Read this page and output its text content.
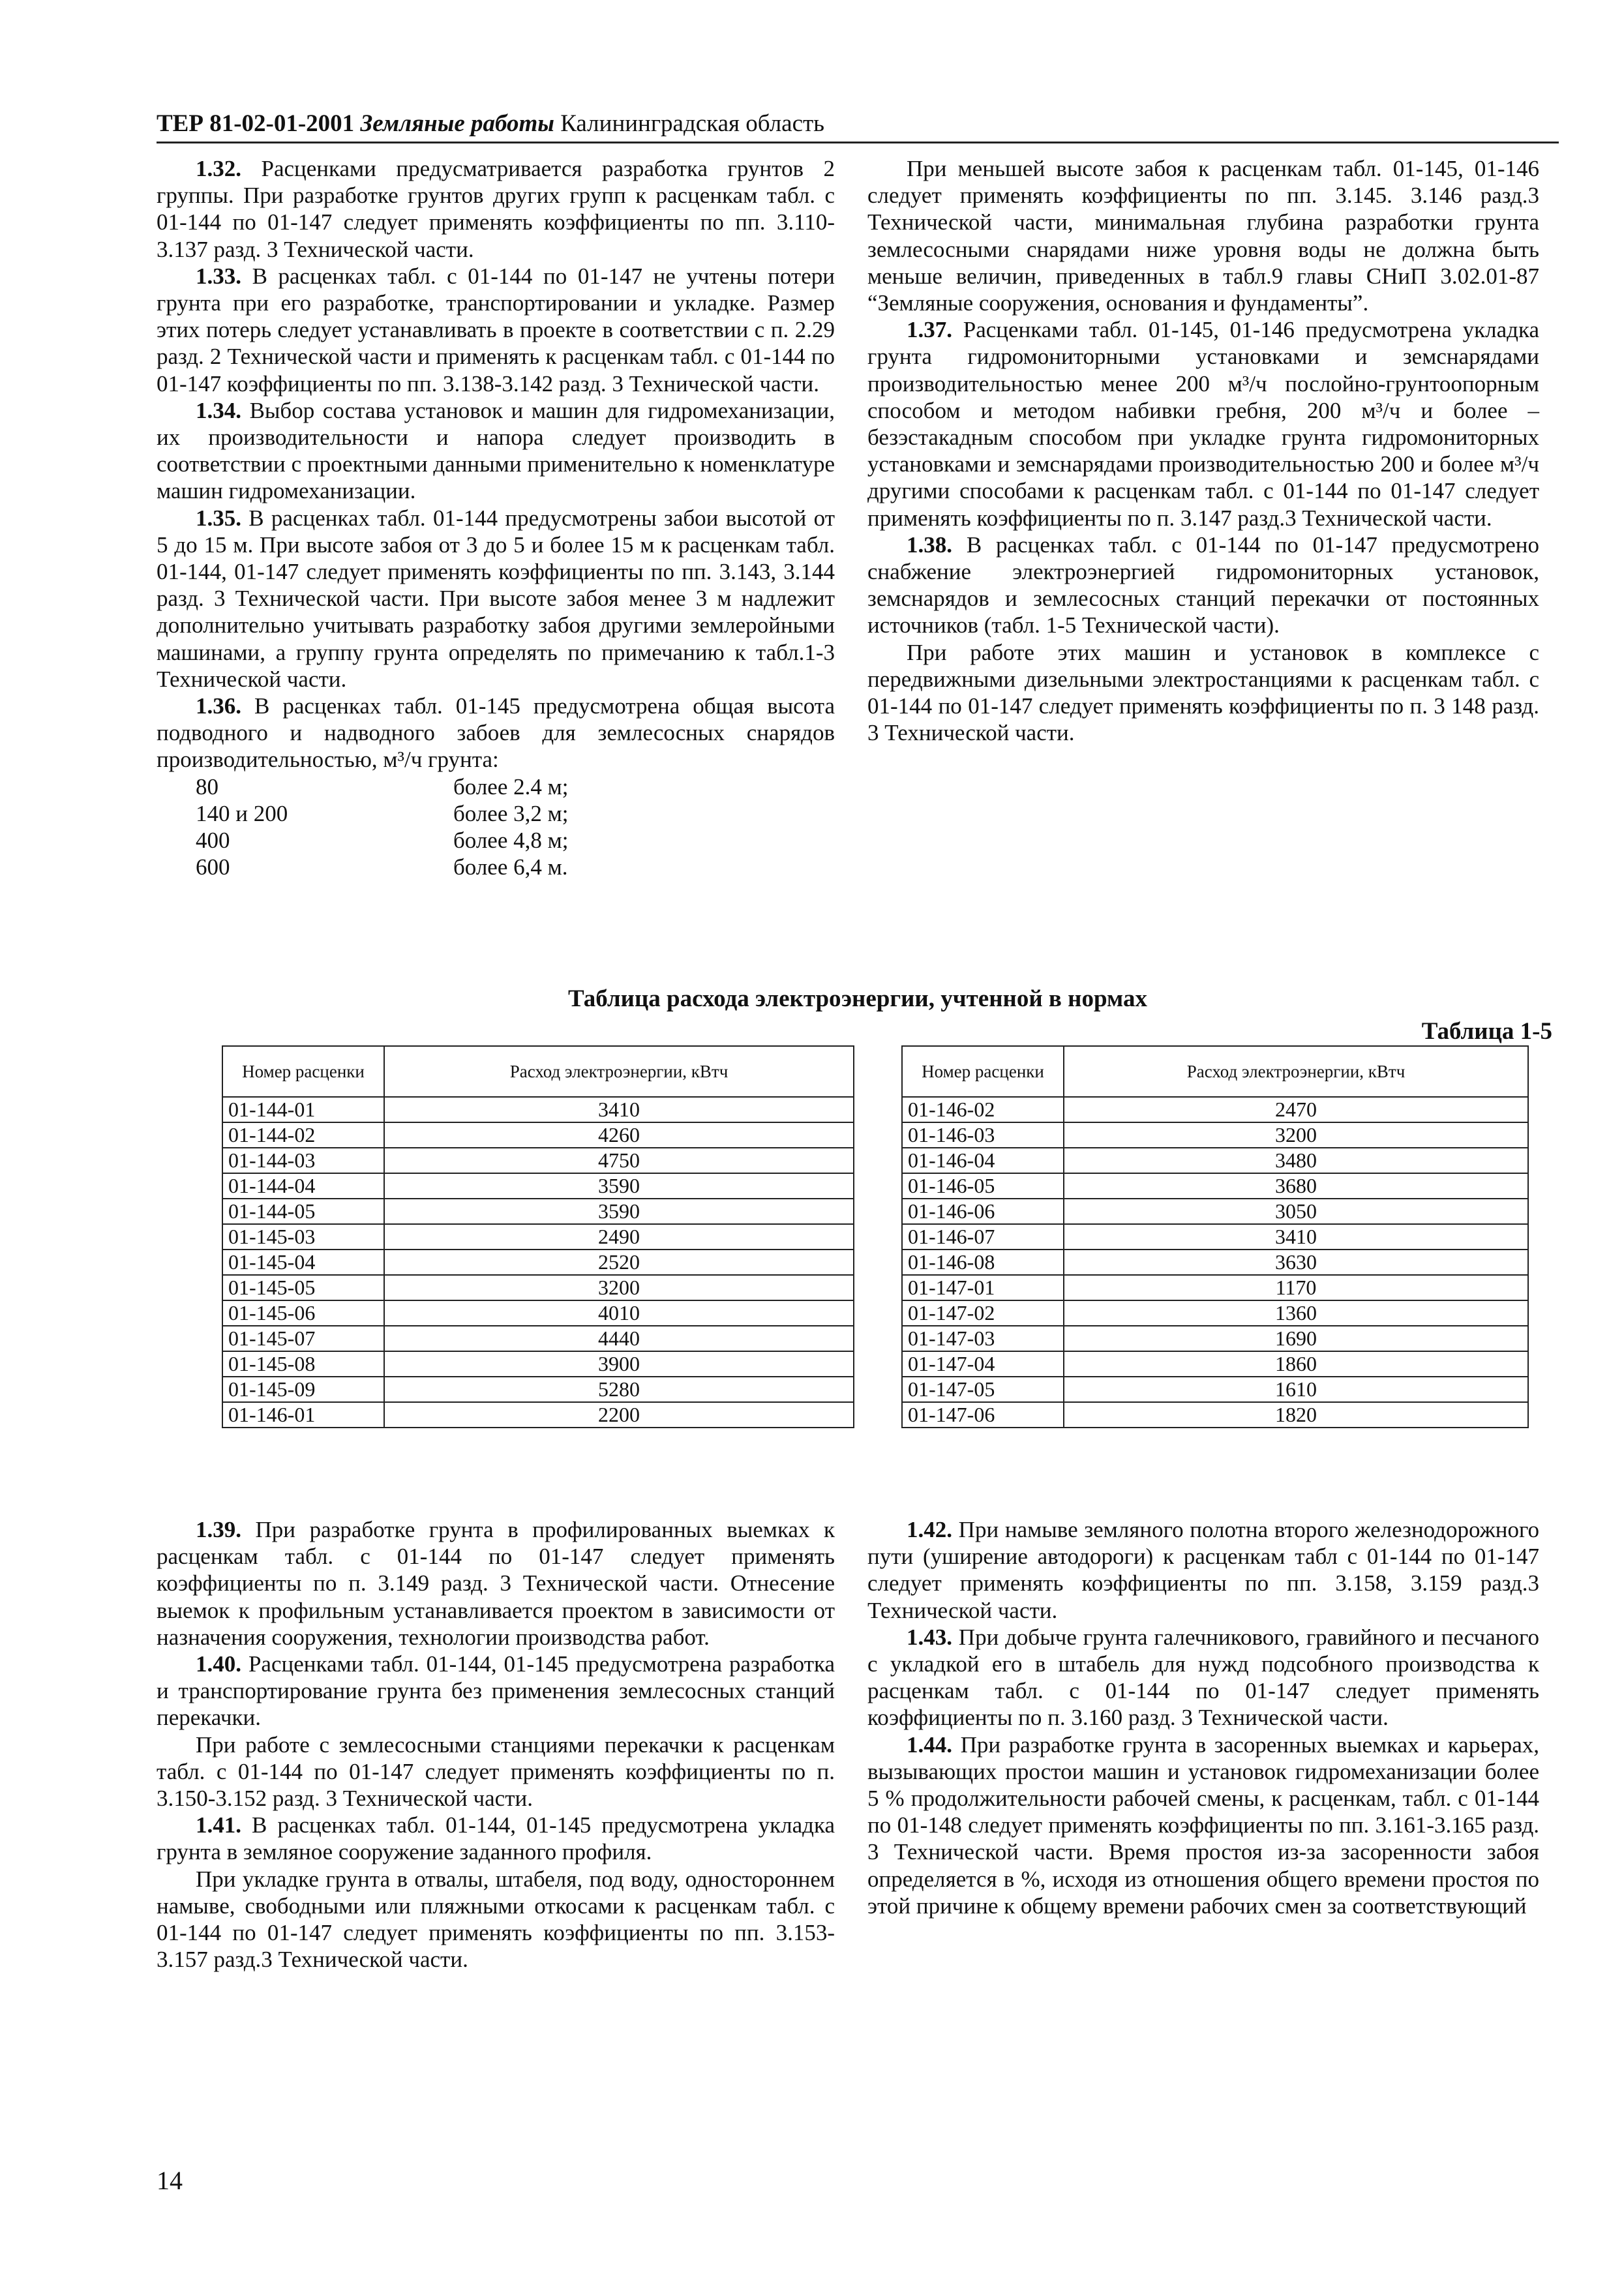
ТЕР 81-02-01-2001 Земляные работы Калининградская область

1.32. Расценками предусматривается разработка грунтов 2 группы. При разработке грунтов других групп к расценкам табл. с 01-144 по 01-147 следует применять коэффициенты по пп. 3.110- 3.137 разд. 3 Технической части.

1.33. В расценках табл. с 01-144 по 01-147 не учтены потери грунта при его разработке, транспортировании и укладке. Размер этих потерь следует устанавливать в проекте в соответствии с п. 2.29 разд. 2 Технической части и применять к расценкам табл. с 01-144 по 01-147 коэффициенты по пп. 3.138-3.142 разд. 3 Технической части.

1.34. Выбор состава установок и машин для гидромеханизации, их производительности и напора следует производить в соответствии с проектными данными применительно к номенклатуре машин гидромеханизации.

1.35. В расценках табл. 01-144 предусмотрены забои высотой от 5 до 15 м. При высоте забоя от 3 до 5 и более 15 м к расценкам табл. 01-144, 01-147 следует применять коэффициенты по пп. 3.143, 3.144 разд. 3 Технической части. При высоте забоя менее 3 м надлежит дополнительно учитывать разработку забоя другими землеройными машинами, а группу грунта определять по примечанию к табл.1-3 Технической части.

1.36. В расценках табл. 01-145 предусмотрена общая высота подводного и надводного забоев для землесосных снарядов производительностью, м³/ч грунта:

80	более 2.4 м;
140 и 200	более 3,2 м;
400	более 4,8 м;
600	более 6,4 м.

При меньшей высоте забоя к расценкам табл. 01-145, 01-146 следует применять коэффициенты по пп. 3.145. 3.146 разд.3 Технической части, минимальная глубина разработки грунта землесосными снарядами ниже уровня воды не должна быть меньше величин, приведенных в табл.9 главы СНиП 3.02.01-87 “Земляные сооружения, основания и фундаменты”.

1.37. Расценками табл. 01-145, 01-146 предусмотрена укладка грунта гидромониторными установками и земснарядами производительностью менее 200 м³/ч послойно-грунтоопорным способом и методом набивки гребня, 200 м³/ч и более – безэстакадным способом при укладке грунта гидромониторных установками и земснарядами производительностью 200 и более м³/ч другими способами к расценкам табл. с 01-144 по 01-147 следует применять коэффициенты по п. 3.147 разд.3 Технической части.

1.38. В расценках табл. с 01-144 по 01-147 предусмотрено снабжение электроэнергией гидромониторных установок, земснарядов и землесосных станций перекачки от постоянных источников (табл. 1-5 Технической части).

При работе этих машин и установок в комплексе с передвижными дизельными электростанциями к расценкам табл. с 01-144 по 01-147 следует применять коэффициенты по п. 3 148 разд. 3 Технической части.

Таблица расхода электроэнергии, учтенной в нормах
Таблица 1-5
Номер расценки	Расход электроэнергии, кВтч
01-144-01	3410
01-144-02	4260
01-144-03	4750
01-144-04	3590
01-144-05	3590
01-145-03	2490
01-145-04	2520
01-145-05	3200
01-145-06	4010
01-145-07	4440
01-145-08	3900
01-145-09	5280
01-146-01	2200
Номер расценки	Расход электроэнергии, кВтч
01-146-02	2470
01-146-03	3200
01-146-04	3480
01-146-05	3680
01-146-06	3050
01-146-07	3410
01-146-08	3630
01-147-01	1170
01-147-02	1360
01-147-03	1690
01-147-04	1860
01-147-05	1610
01-147-06	1820

1.39. При разработке грунта в профилированных выемках к расценкам табл. с 01-144 по 01-147 следует применять коэффициенты по п. 3.149 разд. 3 Технической части. Отнесение выемок к профильным устанавливается проектом в зависимости от назначения сооружения, технологии производства работ.

1.40. Расценками табл. 01-144, 01-145 предусмотрена разработка и транспортирование грунта без применения землесосных станций перекачки.

При работе с землесосными станциями перекачки к расценкам табл. с 01-144 по 01-147 следует применять коэффициенты по п. 3.150-3.152 разд. 3 Технической части.

1.41. В расценках табл. 01-144, 01-145 предусмотрена укладка грунта в земляное сооружение заданного профиля.

При укладке грунта в отвалы, штабеля, под воду, одностороннем намыве, свободными или пляжными откосами к расценкам табл. с 01-144 по 01-147 следует применять коэффициенты по пп. 3.153-3.157 разд.3 Технической части.

1.42. При намыве земляного полотна второго железнодорожного пути (уширение автодороги) к расценкам табл с 01-144 по 01-147 следует применять коэффициенты по пп. 3.158, 3.159 разд.3 Технической части.

1.43. При добыче грунта галечникового, гравийного и песчаного с укладкой его в штабель для нужд подсобного производства к расценкам табл. с 01-144 по 01-147 следует применять коэффициенты по п. 3.160 разд. 3 Технической части.

1.44. При разработке грунта в засоренных выемках и карьерах, вызывающих простои машин и установок гидромеханизации более 5 % продолжительности рабочей смены, к расценкам, табл. с 01-144 по 01-148 следует применять коэффициенты по пп. 3.161-3.165 разд. 3 Технической части. Время простоя из-за засоренности забоя определяется в %, исходя из отношения общего времени простоя по этой причине к общему времени рабочих смен за соответствующий

14
